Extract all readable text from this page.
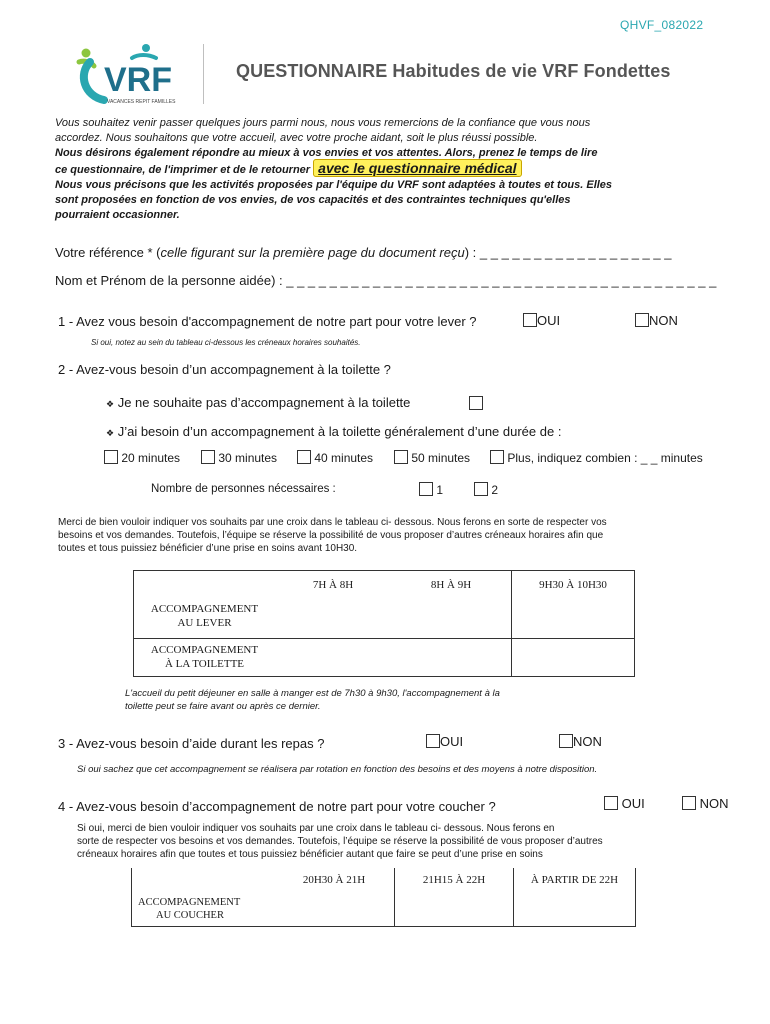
QHVF_082022
VRF
VACANCES REPIT FAMILLES
QUESTIONNAIRE Habitudes de vie VRF Fondettes

Vous souhaitez venir passer quelques jours parmi nous, nous vous remercions de la confiance que vous nous

accordez. Nous souhaitons que votre accueil, avec votre proche aidant, soit le plus réussi possible.

Nous désirons également répondre au mieux à vos envies et vos attentes. Alors, prenez le temps de lire

ce questionnaire, de l'imprimer et de le retourner avec le questionnaire médical

Nous vous précisons que les activités proposées par l'équipe du VRF sont adaptées à toutes et tous. Elles

sont proposées en fonction de vos envies, de vos capacités et des contraintes techniques qu'elles

pourraient occasionner.

Votre référence * (celle figurant sur la première page du document reçu) : _ _ _ _ _ _ _ _ _ _ _ _ _ _ _ _ _ _
Nom et Prénom de la personne aidée) : _ _ _ _ _ _ _ _ _ _ _ _ _ _ _ _ _ _ _ _ _ _ _ _ _ _ _ _ _ _ _ _ _ _ _ _ _ _ _ _
1 - Avez vous besoin d'accompagnement de notre part pour votre lever ?	OUI	NON
Si oui, notez au sein du tableau ci-dessous les créneaux horaires souhaités.
2 - Avez-vous besoin d’un accompagnement à la toilette ?
❖ Je ne souhaite pas d’accompagnement à la toilette
❖ J’ai besoin d’un accompagnement à la toilette généralement d’une durée de :
20 minutes	30 minutes	40 minutes	50 minutes	Plus, indiquez combien : _ _ minutes
Nombre de personnes nécessaires :	1	2
Merci de bien vouloir indiquer vos souhaits par une croix dans le tableau ci- dessous. Nous ferons en sorte de respecter vos
besoins et vos demandes. Toutefois, l’équipe se réserve la possibilité de vous proposer d’autres créneaux horaires afin que
toutes et tous puissiez bénéficier d’une prise en soins avant 10H30.
	7H À 8H	8H À 9H	9H30 À 10H30

ACCOMPAGNEMENT
AU LEVER			

ACCOMPAGNEMENT
À LA TOILETTE			

L'accueil du petit déjeuner en salle à manger est de 7h30 à 9h30, l'accompagnement à la
toilette peut se faire avant ou après ce dernier.
3 - Avez-vous besoin d’aide durant les repas ?	OUI	NON
Si oui sachez que cet accompagnement se réalisera par rotation en fonction des besoins et des moyens à notre disposition.
4 - Avez-vous besoin d’accompagnement de notre part pour votre coucher ?	OUI	NON
Si oui, merci de bien vouloir indiquer vos souhaits par une croix dans le tableau ci- dessous. Nous ferons en
sorte de respecter vos besoins et vos demandes. Toutefois, l’équipe se réserve la possibilité de vous proposer d’autres
créneaux horaires afin que toutes et tous puissiez bénéficier autant que faire se peut d’une prise en soins
	20H30 À 21H	21H15 À 22H	À PARTIR DE 22H

ACCOMPAGNEMENT
AU COUCHER			
